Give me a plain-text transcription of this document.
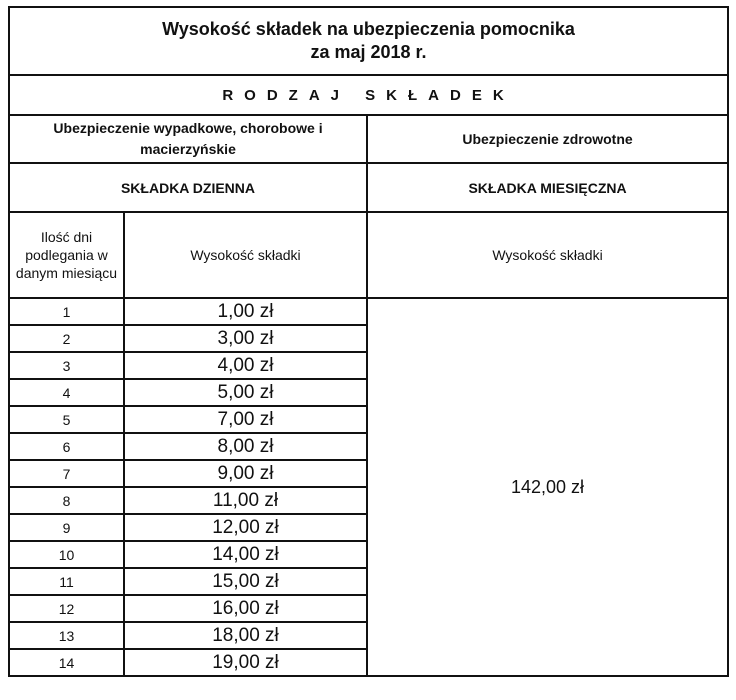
Wysokość składek na ubezpieczenia pomocnika
za maj 2018 r.		

RODZAJ SKŁADEK		
Ubezpieczenie wypadkowe, chorobowe i macierzyńskie		Ubezpieczenie zdrowotne
SKŁADKA DZIENNA		SKŁADKA MIESIĘCZNA
Ilość dni podlegania w danym miesiącu	Wysokość składki	Wysokość składki
1	1,00 zł	142,00 zł
2	3,00 zł	
3	4,00 zł	
4	5,00 zł	
5	7,00 zł	
6	8,00 zł	
7	9,00 zł	
8	11,00 zł	
9	12,00 zł	
10	14,00 zł	
11	15,00 zł	
12	16,00 zł	
13	18,00 zł	
14	19,00 zł	
